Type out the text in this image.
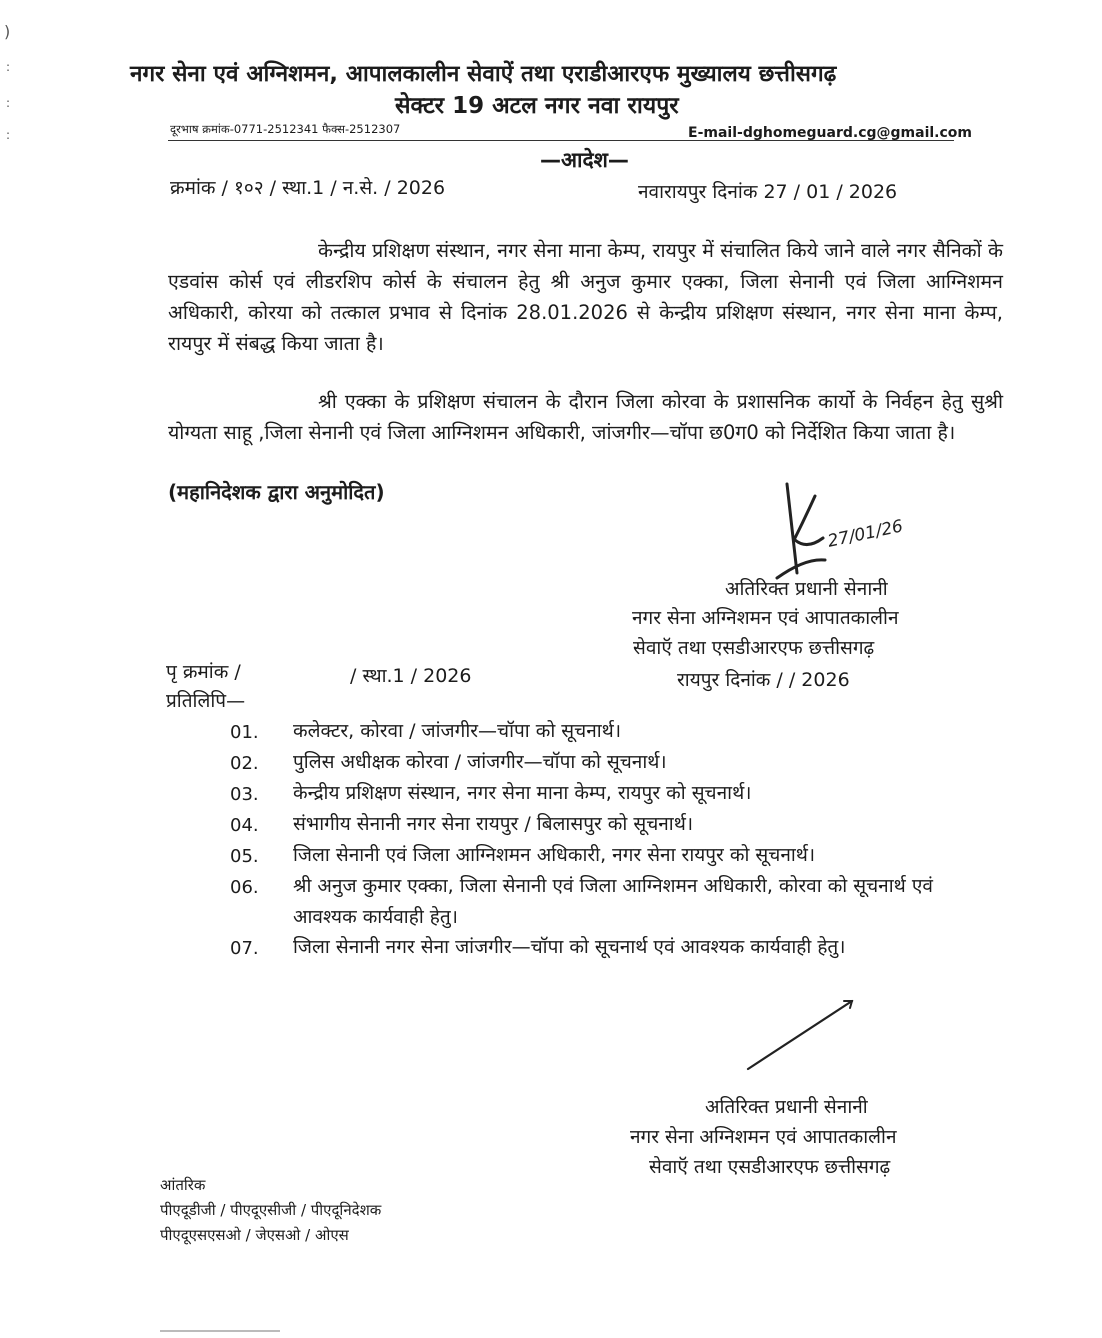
)
:
:
:
नगर सेना एवं अग्निशमन, आपालकालीन सेवाऐं तथा एराडीआरएफ मुख्यालय छत्तीसगढ़
सेक्टर 19 अटल नगर नवा रायपुर
दूरभाष क्रमांक-0771-2512341 फैक्स-2512307	E-mail-dghomeguard.cg@gmail.com
—आदेश—
क्रमांक / १०२ / स्था.1 / न.से. / 2026	नवारायपुर दिनांक 27 / 01 / 2026

केन्द्रीय प्रशिक्षण संस्थान, नगर सेना माना केम्प, रायपुर में संचालित किये जाने वाले नगर सैनिकों के एडवांस कोर्स एवं लीडरशिप कोर्स के संचालन हेतु श्री अनुज कुमार एक्का, जिला सेनानी एवं जिला आग्निशमन अधिकारी, कोरया को तत्काल प्रभाव से दिनांक 28.01.2026 से केन्द्रीय प्रशिक्षण संस्थान, नगर सेना माना केम्प, रायपुर में संबद्ध किया जाता है।

श्री एक्का के प्रशिक्षण संचालन के दौरान जिला कोरवा के प्रशासनिक कार्यो के निर्वहन हेतु सुश्री योग्यता साहू ,जिला सेनानी एवं जिला आग्निशमन अधिकारी, जांजगीर—चॉपा छ0ग0 को निर्देशित किया जाता है।

(महानिदेशक द्वारा अनुमोदित)
27/01/26
अतिरिक्त प्रधानी सेनानी
नगर सेना अग्निशमन एवं आपातकालीन
सेवाऍ तथा एसडीआरएफ छत्तीसगढ़
पृ क्रमांक /	/ स्था.1 / 2026	रायपुर दिनांक / / 2026
प्रतिलिपि—
01. कलेक्टर, कोरवा / जांजगीर—चॉपा को सूचनार्थ।
02. पुलिस अधीक्षक कोरवा / जांजगीर—चॉपा को सूचनार्थ।
03. केन्द्रीय प्रशिक्षण संस्थान, नगर सेना माना केम्प, रायपुर को सूचनार्थ।
04. संभागीय सेनानी नगर सेना रायपुर / बिलासपुर को सूचनार्थ।
05. जिला सेनानी एवं जिला आग्निशमन अधिकारी, नगर सेना रायपुर को सूचनार्थ।
06. श्री अनुज कुमार एक्का, जिला सेनानी एवं जिला आग्निशमन अधिकारी, कोरवा को सूचनार्थ एवं आवश्यक कार्यवाही हेतु।
07. जिला सेनानी नगर सेना जांजगीर—चॉपा को सूचनार्थ एवं आवश्यक कार्यवाही हेतु।
अतिरिक्त प्रधानी सेनानी
नगर सेना अग्निशमन एवं आपातकालीन
सेवाऍ तथा एसडीआरएफ छत्तीसगढ़
आंतरिक
पीएदूडीजी / पीएदूएसीजी / पीएदूनिदेशक
पीएदूएसएसओ / जेएसओ / ओएस
